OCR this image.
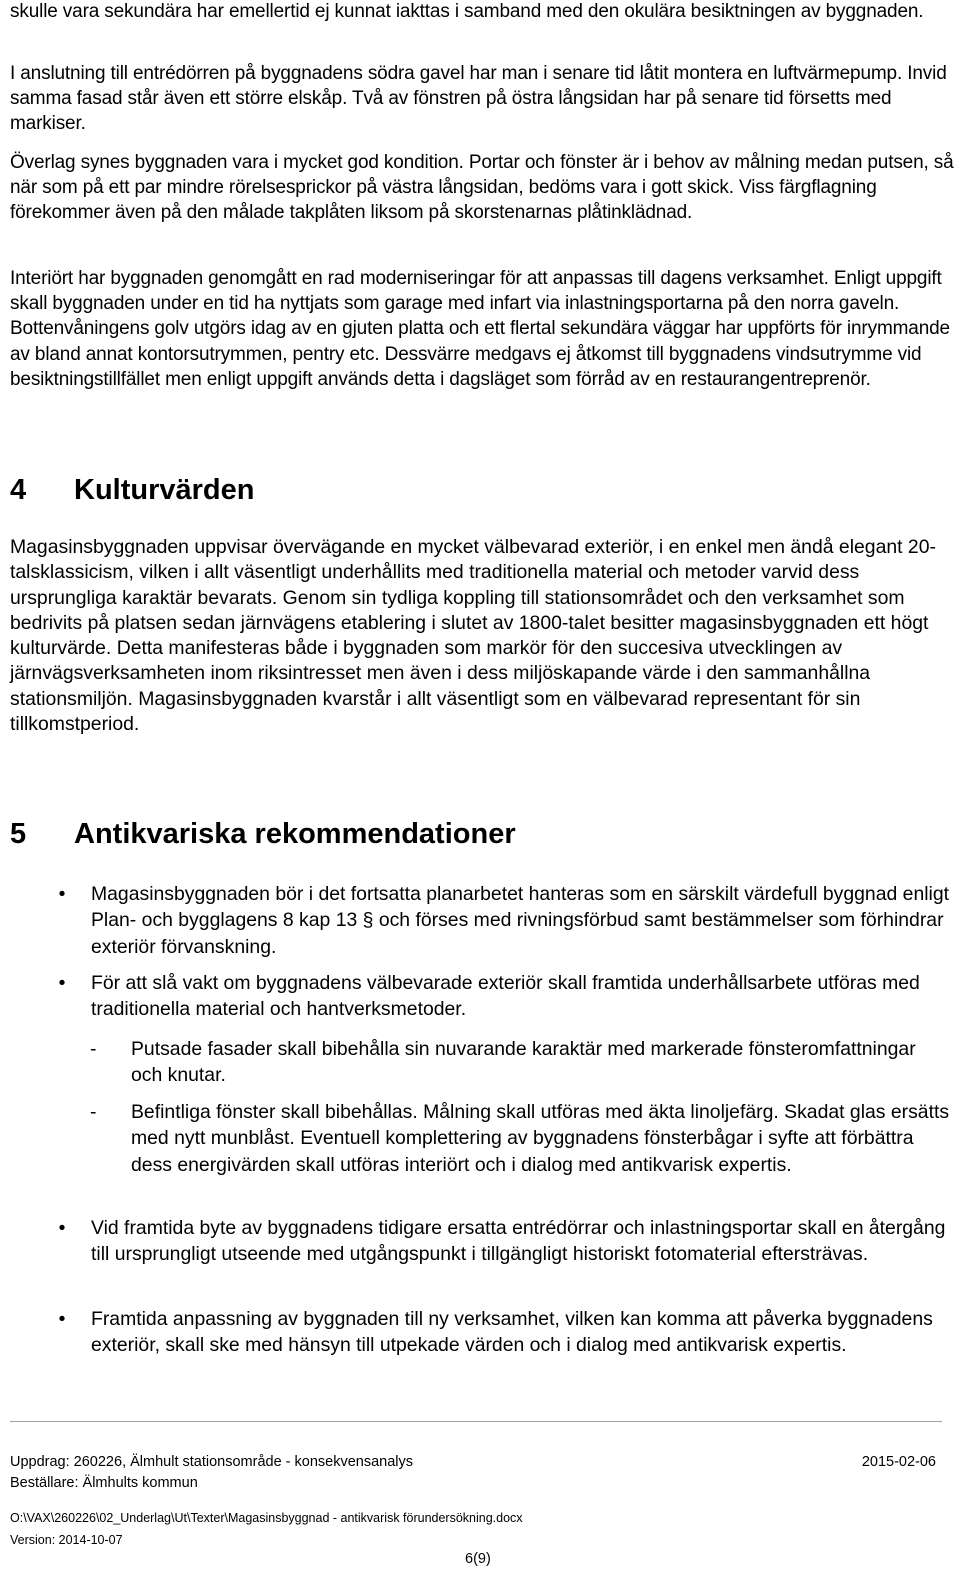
skulle vara sekundära har emellertid ej kunnat iakttas i samband med den okulära besiktningen av byggnaden.

I anslutning till entrédörren på byggnadens södra gavel har man i senare tid låtit montera en luftvärmepump. Invid samma fasad står även ett större elskåp. Två av fönstren på östra långsidan har på senare tid försetts med markiser.

Överlag synes byggnaden vara i mycket god kondition. Portar och fönster är i behov av målning medan putsen, så när som på ett par mindre rörelsesprickor på västra långsidan, bedöms vara i gott skick. Viss färgflagning förekommer även på den målade takplåten liksom på skorstenarnas plåtinklädnad.

Interiört har byggnaden genomgått en rad moderniseringar för att anpassas till dagens verksamhet. Enligt uppgift skall byggnaden under en tid ha nyttjats som garage med infart via inlastningsportarna på den norra gaveln. Bottenvåningens golv utgörs idag av en gjuten platta och ett flertal sekundära väggar har uppförts för inrymmande av bland annat kontorsutrymmen, pentry etc. Dessvärre medgavs ej åtkomst till byggnadens vindsutrymme vid besiktningstillfället men enligt uppgift används detta i dagsläget som förråd av en restaurangentreprenör.

4 Kulturvärden

Magasinsbyggnaden uppvisar övervägande en mycket välbevarad exteriör, i en enkel men ändå elegant 20-talsklassicism, vilken i allt väsentligt underhållits med traditionella material och metoder varvid dess ursprungliga karaktär bevarats. Genom sin tydliga koppling till stationsområdet och den verksamhet som bedrivits på platsen sedan järnvägens etablering i slutet av 1800-talet besitter magasinsbyggnaden ett högt kulturvärde. Detta manifesteras både i byggnaden som markör för den succesiva utvecklingen av järnvägsverksamheten inom riksintresset men även i dess miljöskapande värde i den sammanhållna stationsmiljön. Magasinsbyggnaden kvarstår i allt väsentligt som en välbevarad representant för sin tillkomstperiod.

5 Antikvariska rekommendationer
•	Magasinsbyggnaden bör i det fortsatta planarbetet hanteras som en särskilt värdefull byggnad enligt Plan- och bygglagens 8 kap 13 § och förses med rivningsförbud samt bestämmelser som förhindrar exteriör förvanskning.
•	För att slå vakt om byggnadens välbevarade exteriör skall framtida underhållsarbete utföras med traditionella material och hantverksmetoder.
- Putsade fasader skall bibehålla sin nuvarande karaktär med markerade fönsteromfattningar och knutar.
- Befintliga fönster skall bibehållas. Målning skall utföras med äkta linoljefärg. Skadat glas ersätts med nytt munblåst. Eventuell komplettering av byggnadens fönsterbågar i syfte att förbättra dess energivärden skall utföras interiört och i dialog med antikvarisk expertis.
•	Vid framtida byte av byggnadens tidigare ersatta entrédörrar och inlastningsportar skall en återgång till ursprungligt utseende med utgångspunkt i tillgängligt historiskt fotomaterial eftersträvas.
•	Framtida anpassning av byggnaden till ny verksamhet, vilken kan komma att påverka byggnadens exteriör, skall ske med hänsyn till utpekade värden och i dialog med antikvarisk expertis.
Uppdrag: 260226, Älmhult stationsområde - konsekvensanalys	2015-02-06
Beställare: Älmhults kommun
O:\VAX\260226\02_Underlag\Ut\Texter\Magasinsbyggnad - antikvarisk förundersökning.docx
Version: 2014-10-07
6(9)
